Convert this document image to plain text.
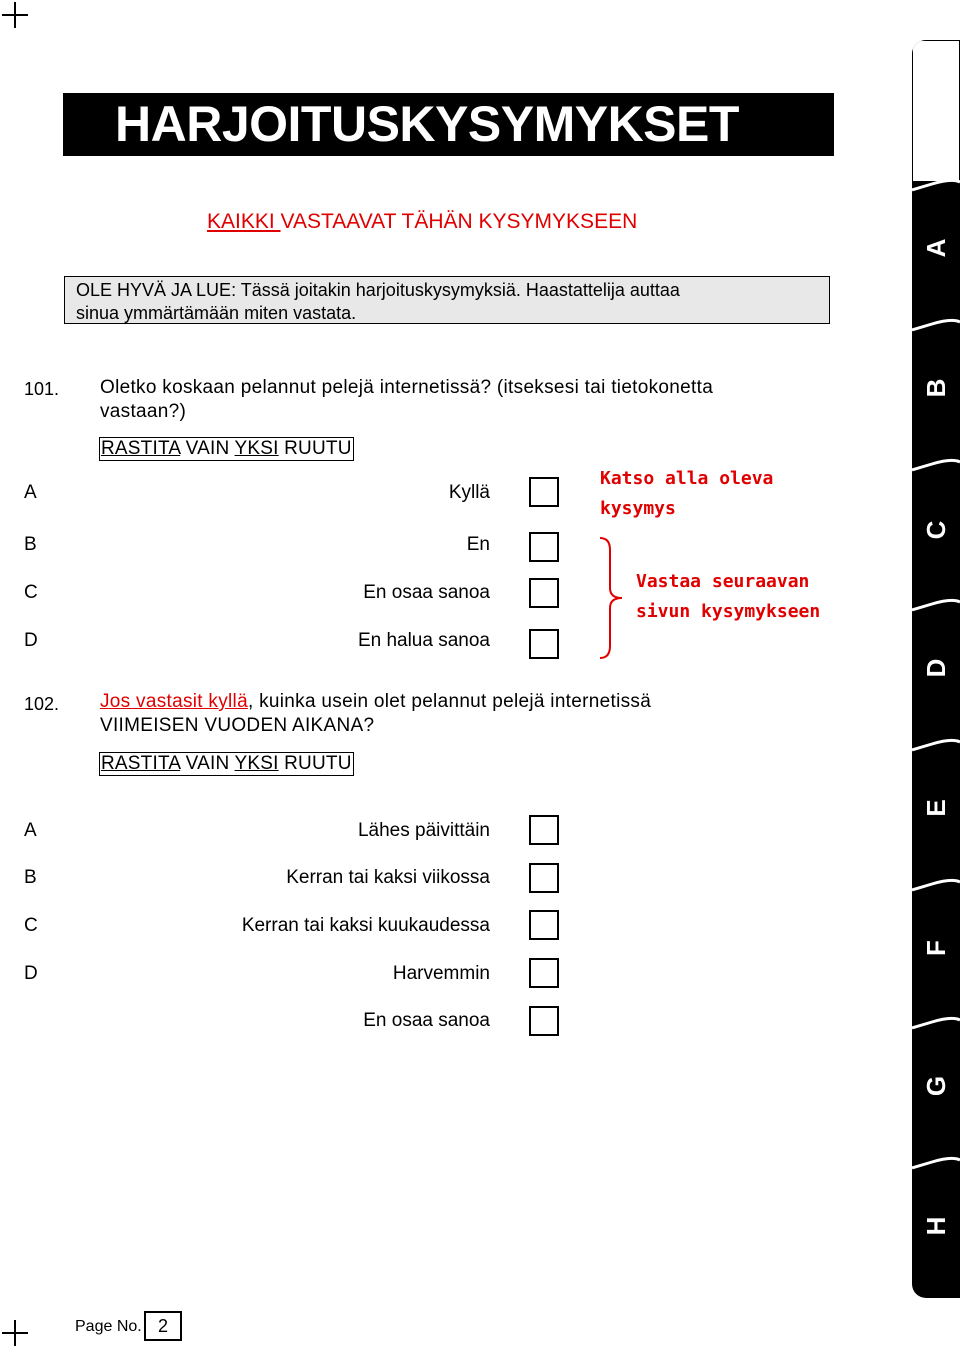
HARJOITUSKYSYMYKSET
KAIKKI VASTAAVAT TÄHÄN KYSYMYKSEEN
OLE HYVÄ JA LUE: Tässä joitakin harjoituskysymyksiä. Haastattelija auttaa
sinua ymmärtämään miten vastata.
101. Oletko koskaan pelannut pelejä internetissä? (itseksesi tai tietokonetta
vastaan?)
RASTITA VAIN YKSI RUUTU
A	Kyllä
B	En
C	En osaa sanoa
D	En halua sanoa
Katso alla oleva
kysymys
Vastaa seuraavan
sivun kysymykseen
102. Jos vastasit kyllä, kuinka usein olet pelannut pelejä internetissä
VIIMEISEN VUODEN AIKANA?
RASTITA VAIN YKSI RUUTU
A	Lähes päivittäin
B	Kerran tai kaksi viikossa
C	Kerran tai kaksi kuukaudessa
D	Harvemmin
En osaa sanoa
A
B
C
D
E
F
G
H
Page No. 2
